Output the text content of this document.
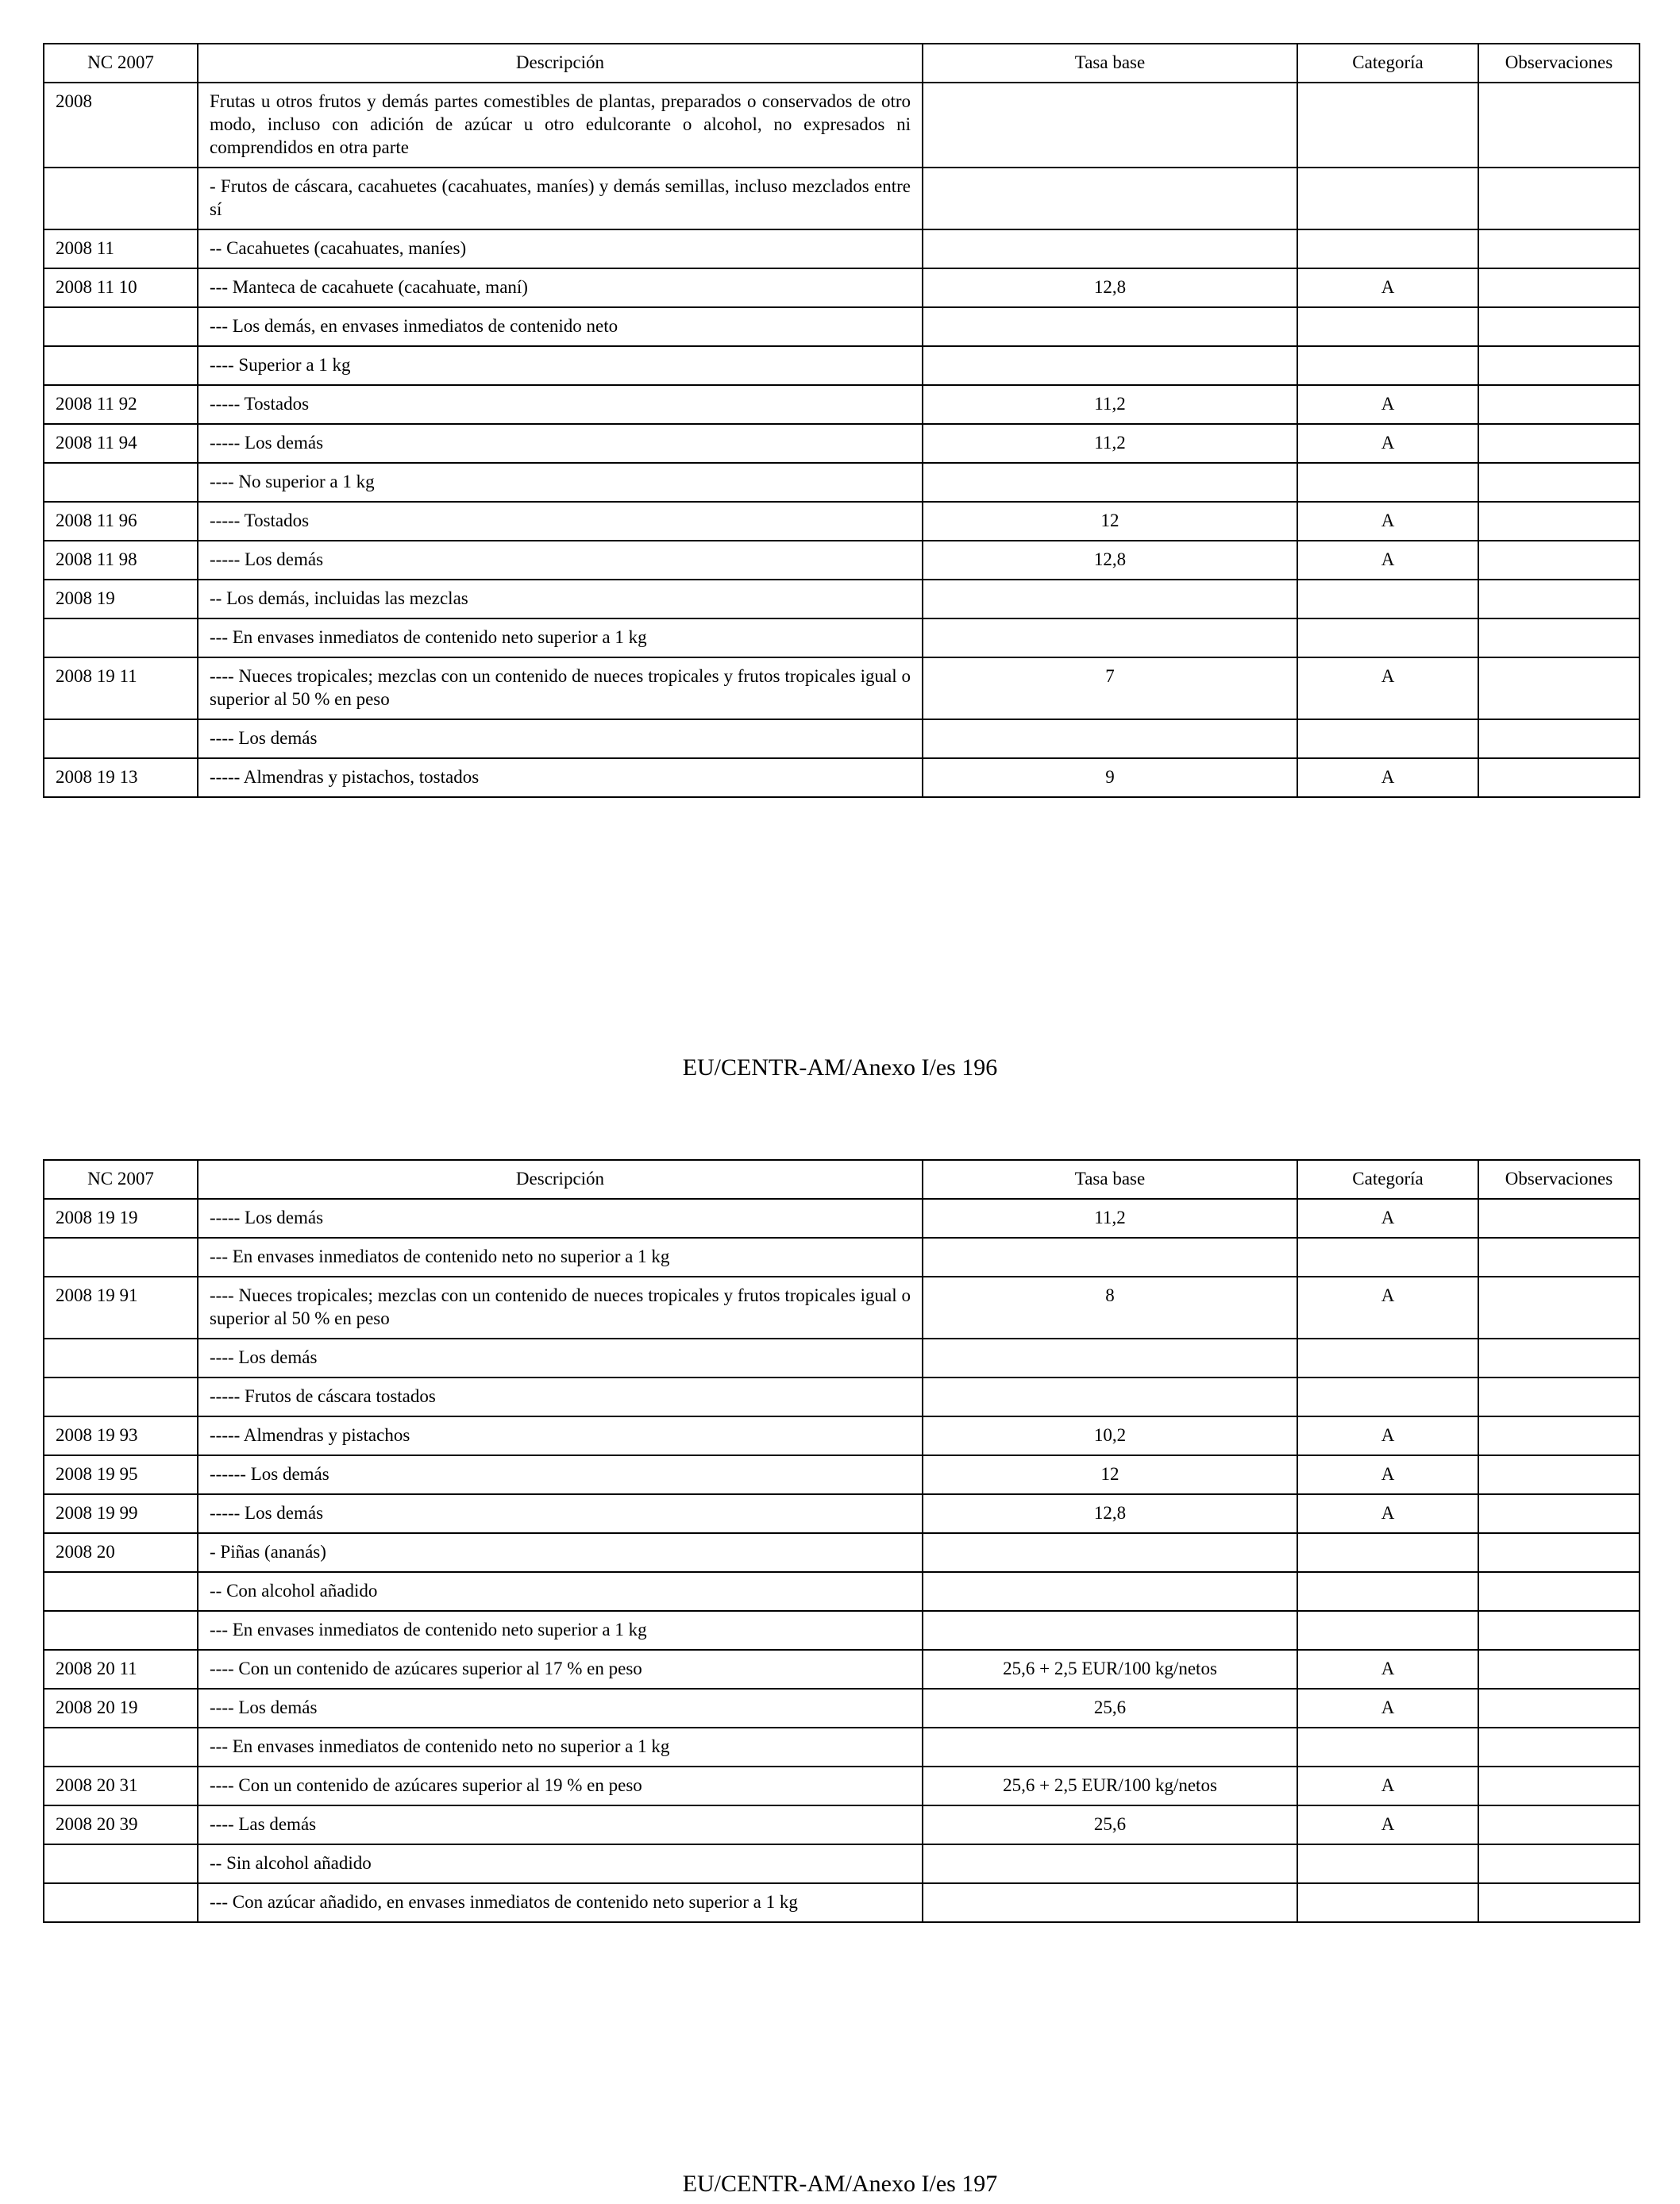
NC 2007	Descripción	Tasa base	Categoría	Observaciones
2008	Frutas u otros frutos y demás partes comestibles de plantas, preparados o conservados de otro modo, incluso con adición de azúcar u otro edulcorante o alcohol, no expresados ni comprendidos en otra parte			
	- Frutos de cáscara, cacahuetes (cacahuates, maníes) y demás semillas, incluso mezclados entre sí			
2008 11	-- Cacahuetes (cacahuates, maníes)			
2008 11 10	--- Manteca de cacahuete (cacahuate, maní)	12,8	A	
	--- Los demás, en envases inmediatos de contenido neto			
	---- Superior a 1 kg			
2008 11 92	----- Tostados	11,2	A	
2008 11 94	----- Los demás	11,2	A	
	---- No superior a 1 kg			
2008 11 96	----- Tostados	12	A	
2008 11 98	----- Los demás	12,8	A	
2008 19	-- Los demás, incluidas las mezclas			
	--- En envases inmediatos de contenido neto superior a 1 kg			
2008 19 11	---- Nueces tropicales; mezclas con un contenido de nueces tropicales y frutos tropicales igual o superior al 50 % en peso	7	A	
	---- Los demás			
2008 19 13	----- Almendras y pistachos, tostados	9	A	
EU/CENTR-AM/Anexo I/es 196
NC 2007	Descripción	Tasa base	Categoría	Observaciones
2008 19 19	----- Los demás	11,2	A	
	--- En envases inmediatos de contenido neto no superior a 1 kg			
2008 19 91	---- Nueces tropicales; mezclas con un contenido de nueces tropicales y frutos tropicales igual o superior al 50 % en peso	8	A	
	---- Los demás			
	----- Frutos de cáscara tostados			
2008 19 93	----- Almendras y pistachos	10,2	A	
2008 19 95	------ Los demás	12	A	
2008 19 99	----- Los demás	12,8	A	
2008 20	- Piñas (ananás)			
	-- Con alcohol añadido			
	--- En envases inmediatos de contenido neto superior a 1 kg			
2008 20 11	---- Con un contenido de azúcares superior al 17 % en peso	25,6 + 2,5 EUR/100 kg/netos	A	
2008 20 19	---- Los demás	25,6	A	
	--- En envases inmediatos de contenido neto no superior a 1 kg			
2008 20 31	---- Con un contenido de azúcares superior al 19 % en peso	25,6 + 2,5 EUR/100 kg/netos	A	
2008 20 39	---- Las demás	25,6	A	
	-- Sin alcohol añadido			
	--- Con azúcar añadido, en envases inmediatos de contenido neto superior a 1 kg			
EU/CENTR-AM/Anexo I/es 197
